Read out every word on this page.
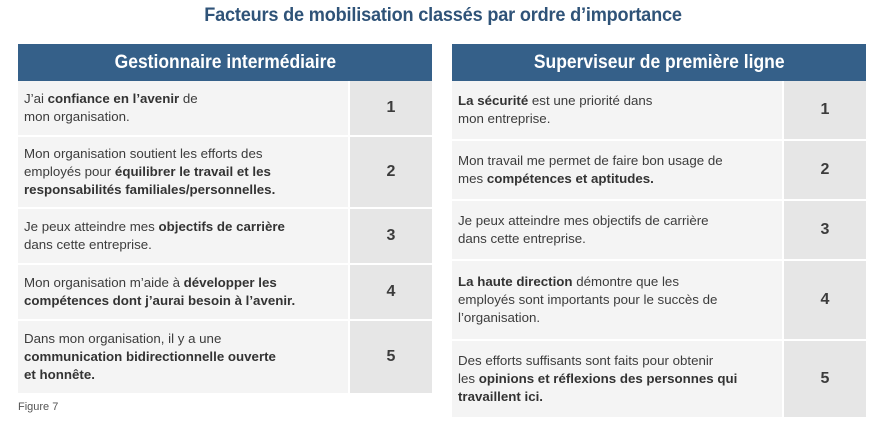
Facteurs de mobilisation classés par ordre d’importance
Gestionnaire intermédiaire
J’ai confiance en l’avenir de
mon organisation.
1
Mon organisation soutient les efforts des
employés pour équilibrer le travail et les
responsabilités familiales/personnelles.
2
Je peux atteindre mes objectifs de carrière
dans cette entreprise.
3
Mon organisation m’aide à développer les
compétences dont j’aurai besoin à l’avenir.
4
Dans mon organisation, il y a une
communication bidirectionnelle ouverte
et honnête.
5
Superviseur de première ligne
La sécurité est une priorité dans
mon entreprise.
1
Mon travail me permet de faire bon usage de
mes compétences et aptitudes.
2
Je peux atteindre mes objectifs de carrière
dans cette entreprise.
3
La haute direction démontre que les
employés sont importants pour le succès de
l’organisation.
4
Des efforts suffisants sont faits pour obtenir
les opinions et réflexions des personnes qui
travaillent ici.
5
Figure 7
